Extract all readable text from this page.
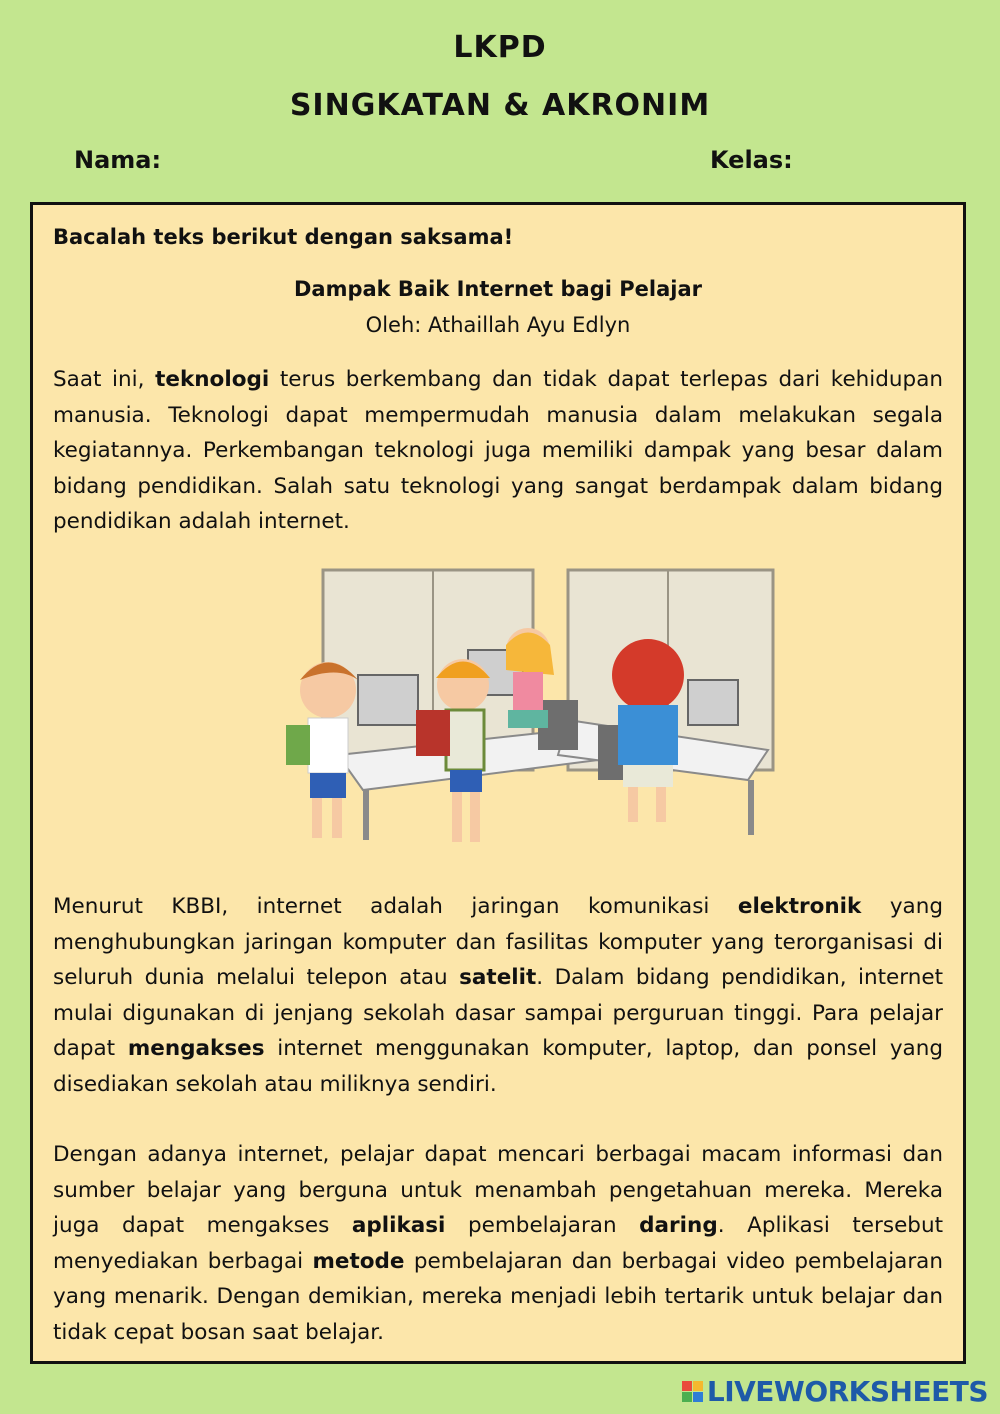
LKPD
SINGKATAN & AKRONIM
Nama:	Kelas:
Bacalah teks berikut dengan saksama!
Dampak Baik Internet bagi Pelajar
Oleh: Athaillah Ayu Edlyn

Saat ini, teknologi terus berkembang dan tidak dapat terlepas dari kehidupan manusia. Teknologi dapat mempermudah manusia dalam melakukan segala kegiatannya. Perkembangan teknologi juga memiliki dampak yang besar dalam bidang pendidikan. Salah satu teknologi yang sangat berdampak dalam bidang pendidikan adalah internet.

Menurut KBBI, internet adalah jaringan komunikasi elektronik yang menghubungkan jaringan komputer dan fasilitas komputer yang terorganisasi di seluruh dunia melalui telepon atau satelit. Dalam bidang pendidikan, internet mulai digunakan di jenjang sekolah dasar sampai perguruan tinggi. Para pelajar dapat mengakses internet menggunakan komputer, laptop, dan ponsel yang disediakan sekolah atau miliknya sendiri.

Dengan adanya internet, pelajar dapat mencari berbagai macam informasi dan sumber belajar yang berguna untuk menambah pengetahuan mereka. Mereka juga dapat mengakses aplikasi pembelajaran daring. Aplikasi tersebut menyediakan berbagai metode pembelajaran dan berbagai video pembelajaran yang menarik. Dengan demikian, mereka menjadi lebih tertarik untuk belajar dan tidak cepat bosan saat belajar.

LIVEWORKSHEETS
